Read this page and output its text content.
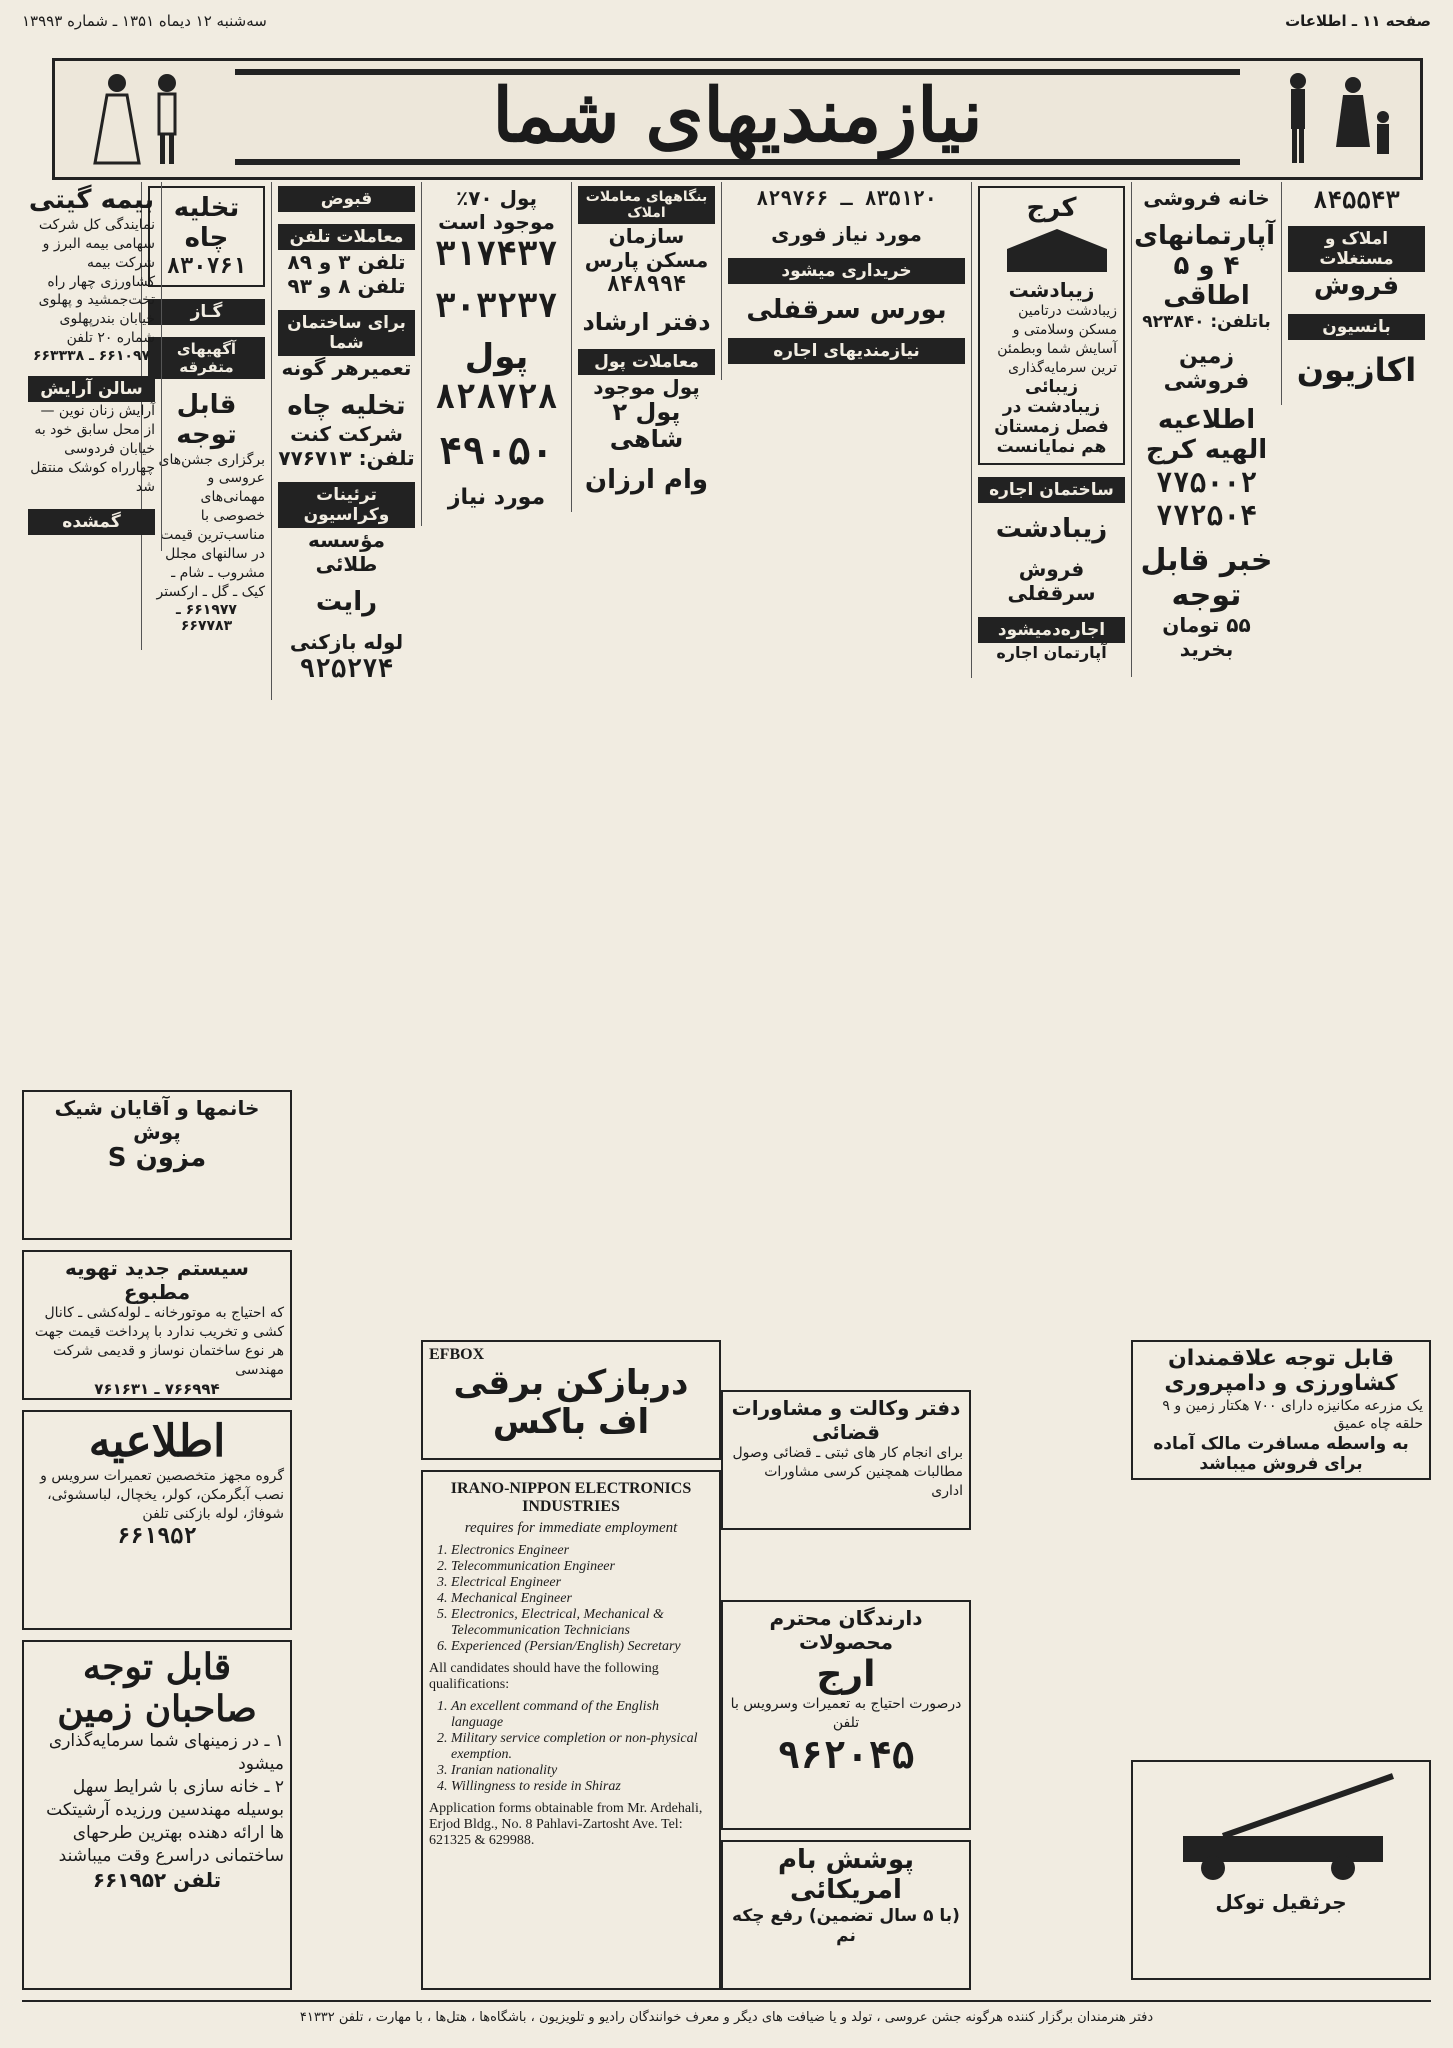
صفحه ۱۱ ـ اطلاعات
سه‌شنبه ۱۲ دیماه ۱۳۵۱ ـ شماره ۱۳۹۹۳
نیازمندیهای شما
۸۴۵۵۴۳
املاک و مستغلات
فروش
بانسیون
اکازیون
خانه فروشی
آپارتمانهای ۴ و ۵ اطاقی
باتلفن: ۹۲۳۸۴۰
زمین فروشی
اطلاعیه الهیه کرج
۷۷۵۰۰۲
۷۷۲۵۰۴
خبر قابل توجه
۵۵ تومان بخرید
قابل توجه علاقمندان کشاورزی و دامپروری
یک مزرعه مکانیزه دارای ۷۰۰ هکتار زمین و ۹ حلقه چاه عمیق
به واسطه مسافرت مالک آماده برای فروش میباشد
جرثقیل توکل
کرج
زیبادشت
زیبادشت درتامین مسکن وسلامتی و آسایش شما وبطمئن ترین سرمایه‌گذاری
زیبائی زیبادشت در فصل زمستان هم نمایانست
ساختمان اجاره
زیبادشت
فروش سرقفلی
اجاره‌دمیشود
آپارتمان اجاره
۸۳۵۱۲۰ ـ ۸۲۹۷۶۶
مورد نیاز فوری
خریداری میشود
بورس سرقفلی
نیازمندیهای اجاره
بنگاههای معاملات املاک
سازمان مسکن پارس
۸۴۸۹۹۴
دفتر ارشاد
معاملات پول
پول موجود
پول ۲ شاهی
وام ارزان
پول ۷۰٪ موجود است
۳۱۷۴۳۷
۳۰۳۲۳۷
پول
۸۲۸۷۲۸
۴۹۰۵۰
مورد نیاز
EFBOX
دربازکن برقی اف باکس
IRANO-NIPPON ELECTRONICS INDUSTRIES
requires for immediate employment
1. Electronics Engineer
2. Telecommunication Engineer
3. Electrical Engineer
4. Mechanical Engineer
5. Electronics, Electrical, Mechanical & Telecommunication Technicians
6. Experienced (Persian/English) Secretary

All candidates should have the following qualifications:

1. An excellent command of the English language
2. Military service completion or non-physical exemption.
3. Iranian nationality
4. Willingness to reside in Shiraz

Application forms obtainable from Mr. Ardehali, Erjod Bldg., No. 8 Pahlavi-Zartosht Ave. Tel: 621325 & 629988.

دفتر وکالت و مشاورات قضائی
برای انجام کار های ثبتی ـ قضائی وصول مطالبات همچنین کرسی مشاورات اداری
دارندگان محترم محصولات
ارج
درصورت احتیاج به تعمیرات وسرویس با تلفن
۹۶۲۰۴۵
پوشش بام امریکائی
(با ۵ سال تضمین) رفع چکه نم
قبوض
معاملات تلفن
تلفن ۳ و ۸۹
تلفن ۸ و ۹۳
برای ساختمان شما
تعمیرهر گونه
تخلیه چاه
شرکت کنت
تلفن: ۷۷۶۷۱۳
ترئینات وکراسیون
مؤسسه طلائی
رایت
لوله بازکنی
۹۲۵۲۷۴
تخلیه چاه
۸۳۰۷۶۱
گـاز
آگهیهای متفرقه
قابل توجه
برگزاری جشن‌های عروسی و مهمانی‌های خصوصی با مناسب‌ترین قیمت در سالنهای مجلل مشروب ـ شام ـ کیک ـ گل ـ ارکستر
۶۶۱۹۷۷ ـ ۶۶۷۷۸۳
بیمه گیتی
نمایندگی کل شرکت سهامی بیمه البرز و شرکت بیمه کشاورزی چهار راه تخت‌جمشید و پهلوی خیابان بندرپهلوی شماره ۲۰ تلفن
۶۶۱۰۹۷ ـ ۶۶۳۳۳۸
سالن آرایش
آرایش زنان نوین — از محل سابق خود به خیابان فردوسی چهارراه کوشک منتقل شد
گمشده
خانمها و آقایان شیک پوش
مزون S
سیستم جدید تهویه مطبوع
که احتیاج به موتورخانه ـ لوله‌کشی ـ کانال کشی و تخریب ندارد با پرداخت قیمت جهت هر نوع ساختمان نوساز و قدیمی شرکت مهندسی
۷۶۶۹۹۴ ـ ۷۶۱۶۳۱
اطلاعیه
گروه مجهز متخصصین تعمیرات سرویس و نصب آبگرمکن، کولر، یخچال، لباسشوئی، شوفاژ، لوله بازکنی تلفن
۶۶۱۹۵۲
قابل توجه صاحبان زمین
۱ ـ در زمینهای شما سرمایه‌گذاری میشود
۲ ـ خانه سازی با شرایط سهل بوسیله مهندسین ورزیده آرشیتکت ها ارائه دهنده بهترین طرحهای ساختمانی دراسرع وقت میباشند
تلفن ۶۶۱۹۵۲
دفتر هنرمندان برگزار کننده هرگونه جشن عروسی ، تولد و یا ضیافت های دیگر و معرف خوانندگان رادیو و تلویزیون ، باشگاه‌ها ، هتل‌ها ، با مهارت ، تلفن ۴۱۳۳۲
